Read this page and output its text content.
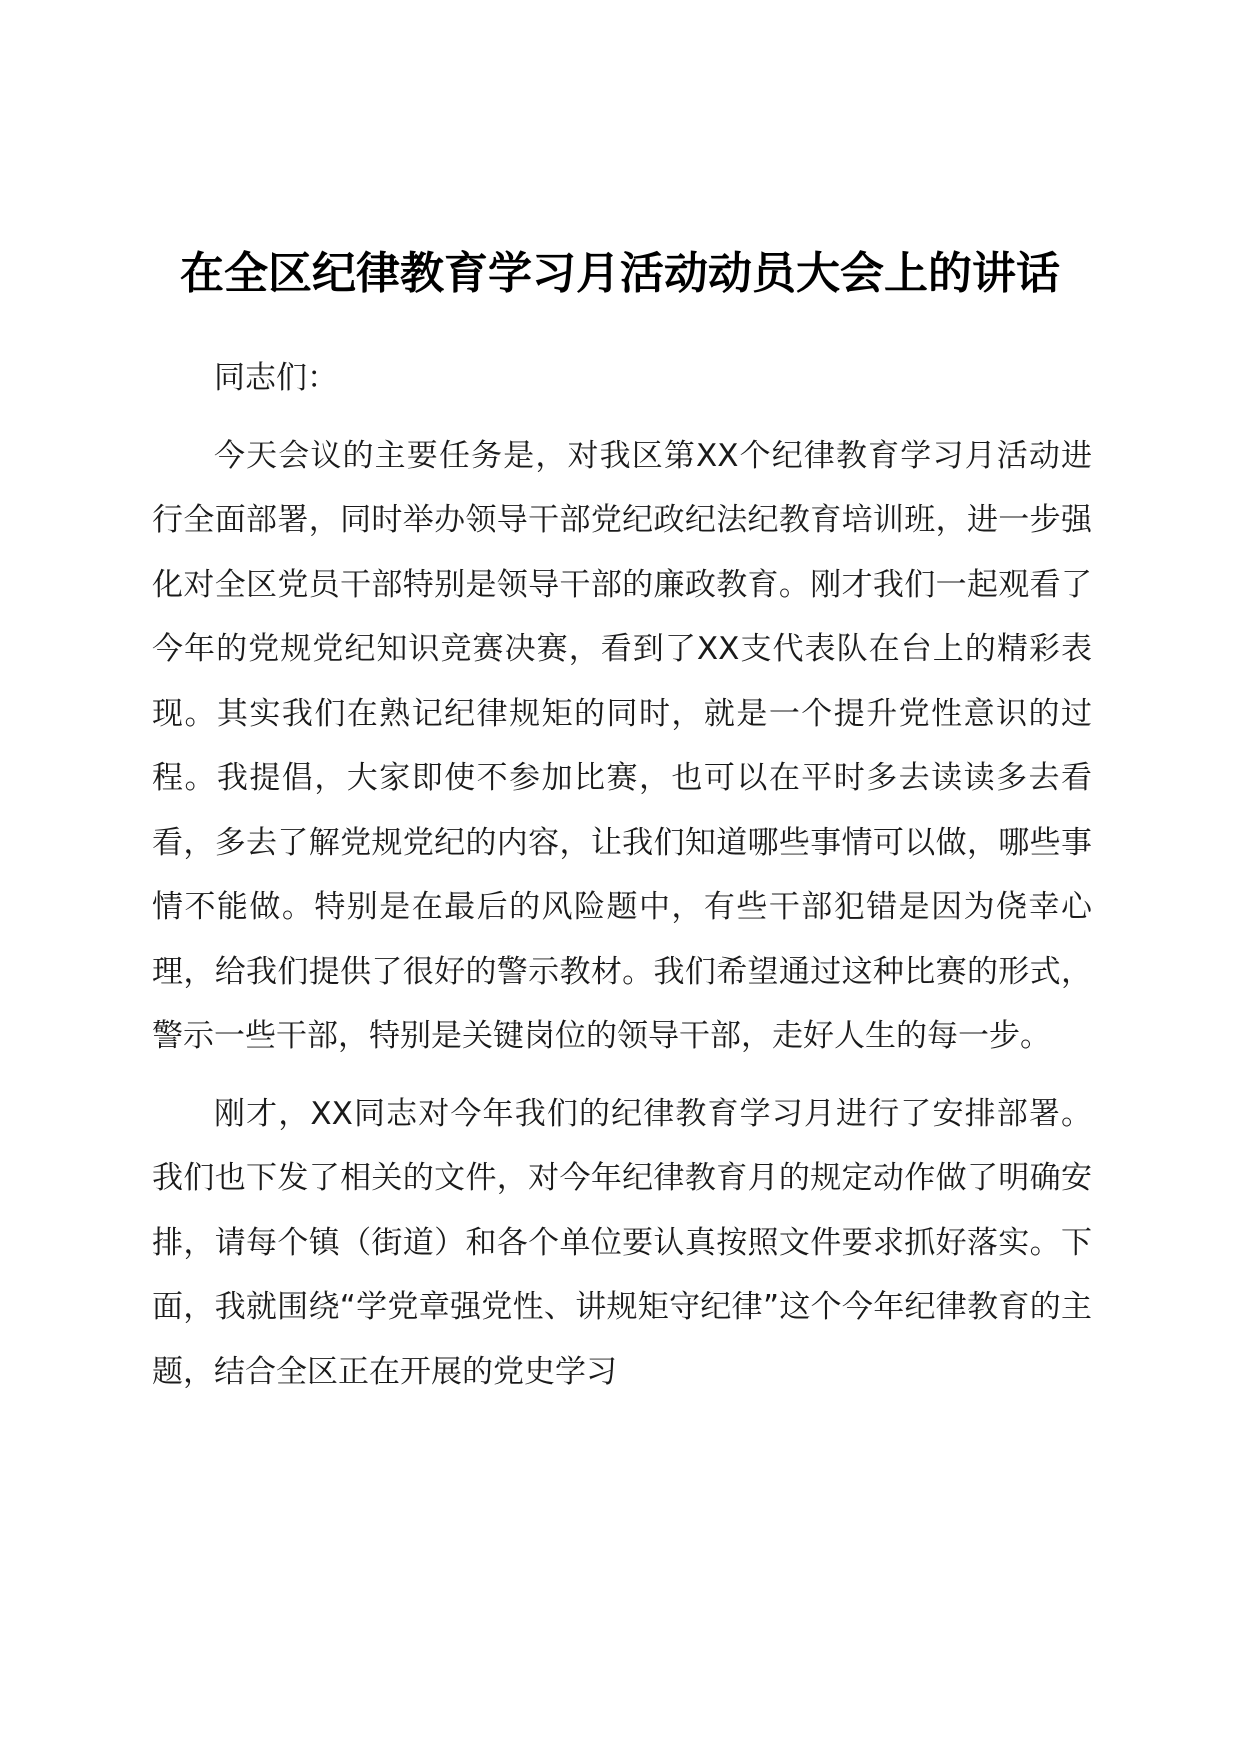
在全区纪律教育学习月活动动员大会上的讲话

同志们：

今天会议的主要任务是，对我区第XX个纪律教育学习月活动进行全面部署，同时举办领导干部党纪政纪法纪教育培训班，进一步强化对全区党员干部特别是领导干部的廉政教育。刚才我们一起观看了今年的党规党纪知识竞赛决赛，看到了XX支代表队在台上的精彩表现。其实我们在熟记纪律规矩的同时，就是一个提升党性意识的过程。我提倡，大家即使不参加比赛，也可以在平时多去读读多去看看，多去了解党规党纪的内容，让我们知道哪些事情可以做，哪些事情不能做。特别是在最后的风险题中，有些干部犯错是因为侥幸心理，给我们提供了很好的警示教材。我们希望通过这种比赛的形式，警示一些干部，特别是关键岗位的领导干部，走好人生的每一步。

刚才，XX同志对今年我们的纪律教育学习月进行了安排部署。我们也下发了相关的文件，对今年纪律教育月的规定动作做了明确安排，请每个镇（街道）和各个单位要认真按照文件要求抓好落实。下面，我就围绕“学党章强党性、讲规矩守纪律”这个今年纪律教育的主题，结合全区正在开展的党史学习
